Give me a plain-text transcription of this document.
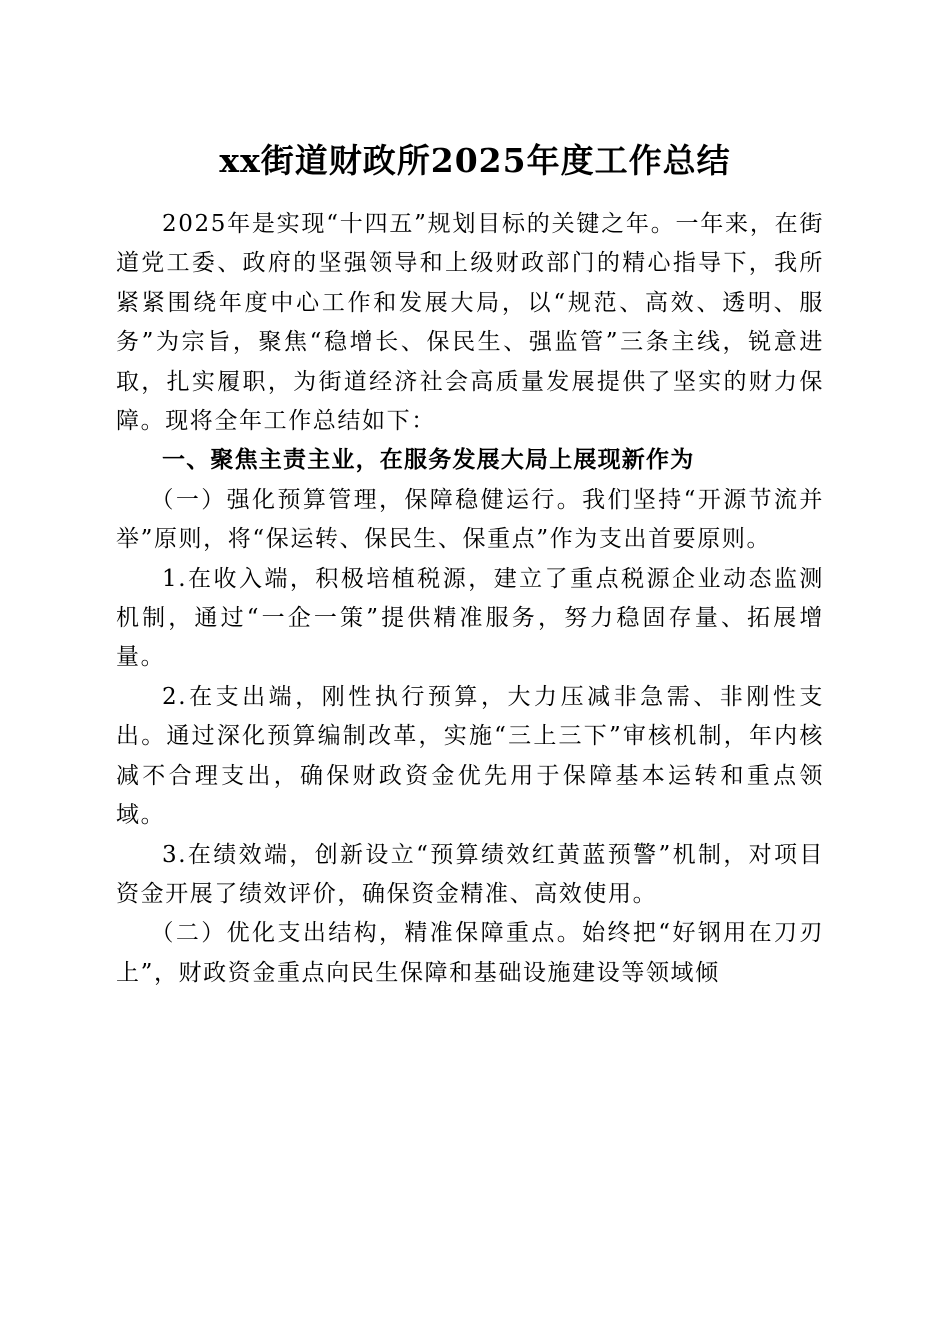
xx街道财政所2025年度工作总结

2025年是实现“十四五”规划目标的关键之年。一年来，在街道党工委、政府的坚强领导和上级财政部门的精心指导下，我所紧紧围绕年度中心工作和发展大局，以“规范、高效、透明、服务”为宗旨，聚焦“稳增长、保民生、强监管”三条主线，锐意进取，扎实履职，为街道经济社会高质量发展提供了坚实的财力保障。现将全年工作总结如下：

一、聚焦主责主业，在服务发展大局上展现新作为

（一）强化预算管理，保障稳健运行。我们坚持“开源节流并举”原则，将“保运转、保民生、保重点”作为支出首要原则。

1.在收入端，积极培植税源，建立了重点税源企业动态监测机制，通过“一企一策”提供精准服务，努力稳固存量、拓展增量。

2.在支出端，刚性执行预算，大力压减非急需、非刚性支出。通过深化预算编制改革，实施“三上三下”审核机制，年内核减不合理支出，确保财政资金优先用于保障基本运转和重点领域。

3.在绩效端，创新设立“预算绩效红黄蓝预警”机制，对项目资金开展了绩效评价，确保资金精准、高效使用。

（二）优化支出结构，精准保障重点。始终把“好钢用在刀刃上”，财政资金重点向民生保障和基础设施建设等领域倾
